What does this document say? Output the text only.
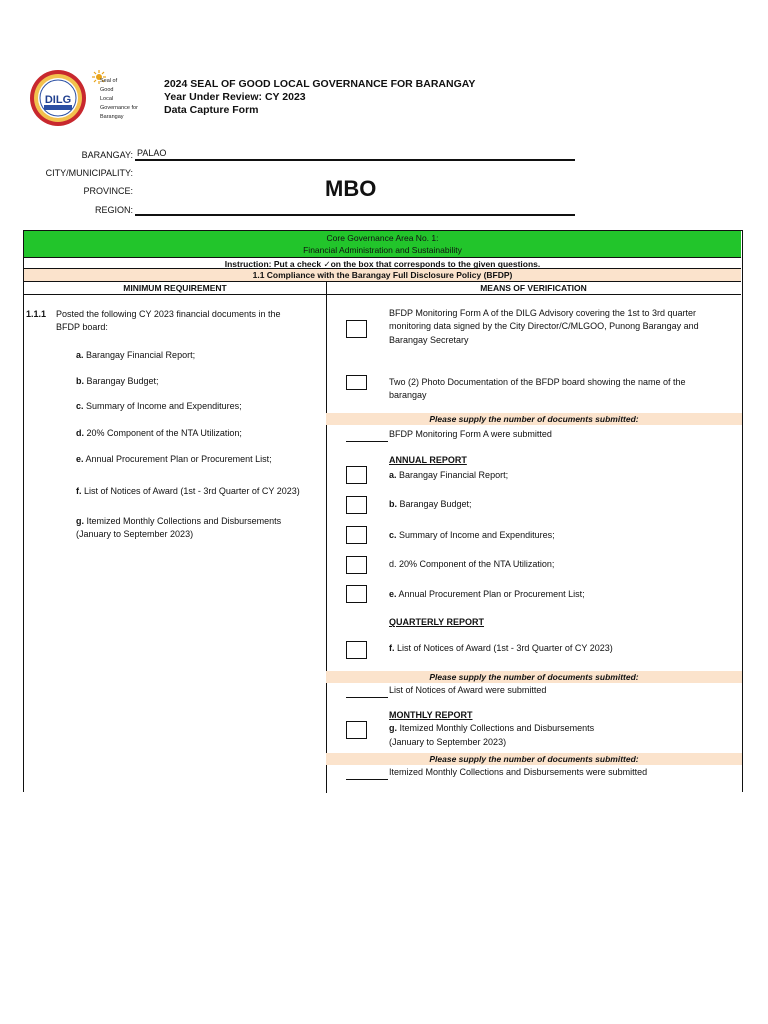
DILG
Seal of
Good
Local
Governance for
Barangay
2024 SEAL OF GOOD LOCAL GOVERNANCE FOR BARANGAY
Year Under Review: CY 2023
Data Capture Form
BARANGAY: PALAO
CITY/MUNICIPALITY:
PROVINCE:	MBO
REGION:
Core Governance Area No. 1:
Financial Administration and Sustainability
Instruction: Put a check ✓on the box that corresponds to the given questions.
1.1 Compliance with the Barangay Full Disclosure Policy (BFDP)
MINIMUM REQUIREMENT	MEANS OF VERIFICATION
1.1.1 Posted the following CY 2023 financial documents in the
BFDP board:
a. Barangay Financial Report;
b. Barangay Budget;
c. Summary of Income and Expenditures;
d. 20% Component of the NTA Utilization;
e. Annual Procurement Plan or Procurement List;
f. List of Notices of Award (1st - 3rd Quarter of CY 2023)
g. Itemized Monthly Collections and Disbursements
(January to September 2023)
BFDP Monitoring Form A of the DILG Advisory covering the 1st to 3rd quarter
monitoring data signed by the City Director/C/MLGOO, Punong Barangay and
Barangay Secretary
Two (2) Photo Documentation of the BFDP board showing the name of the
barangay
Please supply the number of documents submitted:
BFDP Monitoring Form A were submitted
ANNUAL REPORT
a. Barangay Financial Report;
b. Barangay Budget;
c. Summary of Income and Expenditures;
d. 20% Component of the NTA Utilization;
e. Annual Procurement Plan or Procurement List;
QUARTERLY REPORT
f. List of Notices of Award (1st - 3rd Quarter of CY 2023)
Please supply the number of documents submitted:
List of Notices of Award were submitted
MONTHLY REPORT
g. Itemized Monthly Collections and Disbursements
(January to September 2023)
Please supply the number of documents submitted:
Itemized Monthly Collections and Disbursements were submitted
